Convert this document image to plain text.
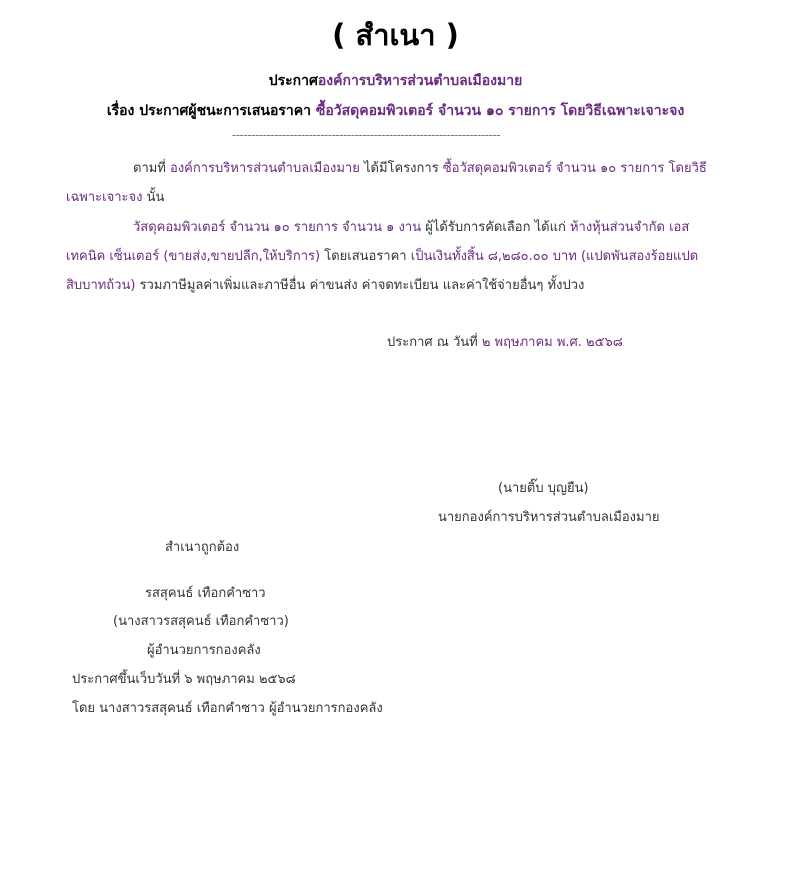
( สำเนา )
ประกาศองค์การบริหารส่วนตำบลเมืองมาย
เรื่อง ประกาศผู้ชนะการเสนอราคา ซื้อวัสดุคอมพิวเตอร์ จำนวน ๑๐ รายการ โดยวิธีเฉพาะเจาะจง
----------------------------------------------------------------------
ตามที่ องค์การบริหารส่วนตำบลเมืองมาย ได้มีโครงการ ซื้อวัสดุคอมพิวเตอร์ จำนวน ๑๐ รายการ โดยวิธี
เฉพาะเจาะจง นั้น
วัสดุคอมพิวเตอร์ จำนวน ๑๐ รายการ จำนวน ๑ งาน ผู้ได้รับการคัดเลือก ได้แก่ ห้างหุ้นส่วนจำกัด เอส
เทคนิค เซ็นเตอร์ (ขายส่ง,ขายปลีก,ให้บริการ) โดยเสนอราคา เป็นเงินทั้งสิ้น ๘,๒๘๐.๐๐ บาท (แปดพันสองร้อยแปด
สิบบาทถ้วน) รวมภาษีมูลค่าเพิ่มและภาษีอื่น ค่าขนส่ง ค่าจดทะเบียน และค่าใช้จ่ายอื่นๆ ทั้งปวง
ประกาศ ณ วันที่ ๒ พฤษภาคม พ.ศ. ๒๕๖๘
(นายติ๊บ บุญยืน)
นายกองค์การบริหารส่วนตำบลเมืองมาย
สำเนาถูกต้อง
รสสุคนธ์ เทือกคำซาว
(นางสาวรสสุคนธ์ เทือกคำซาว)
ผู้อำนวยการกองคลัง
ประกาศขึ้นเว็บวันที่ ๖ พฤษภาคม ๒๕๖๘
โดย นางสาวรสสุคนธ์ เทือกคำซาว ผู้อำนวยการกองคลัง
